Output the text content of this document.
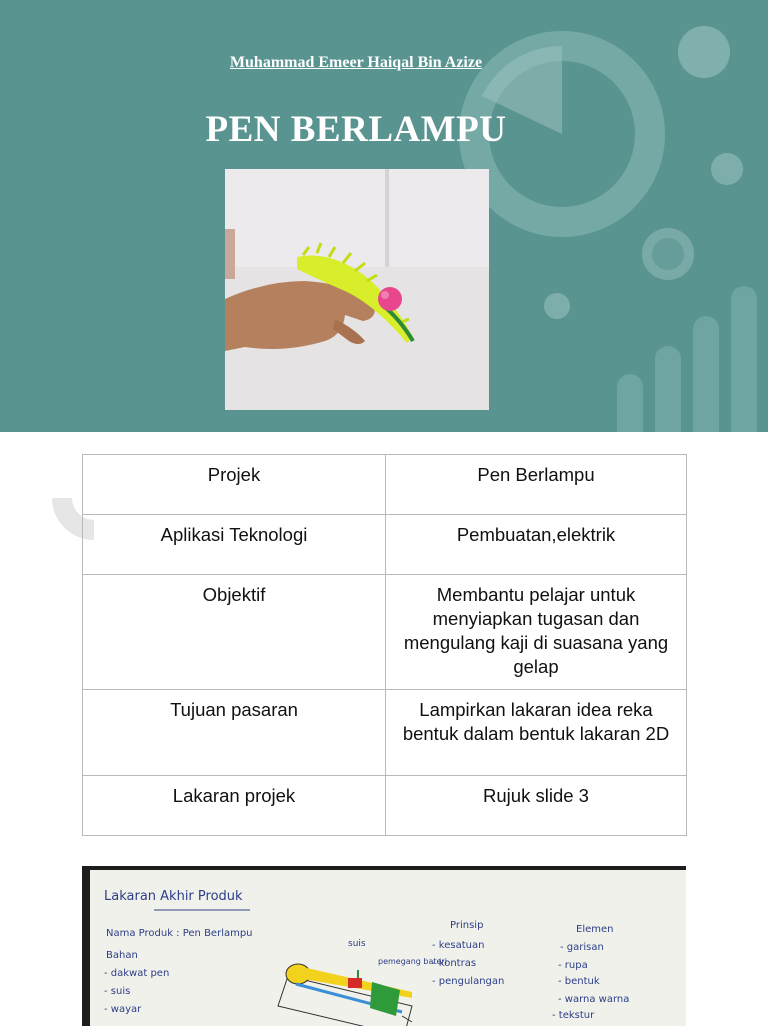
Muhammad Emeer Haiqal Bin Azize
PEN BERLAMPU
Projek	Pen Berlampu
Aplikasi Teknologi	Pembuatan,elektrik
Objektif	Membantu pelajar untuk menyiapkan tugasan dan mengulang kaji di suasana yang gelap
Tujuan pasaran	Lampirkan lakaran idea reka bentuk dalam bentuk lakaran 2D
Lakaran projek	Rujuk slide 3
Lakaran Akhir Produk
Nama Produk : Pen Berlampu
Bahan
- dakwat pen
- suis
- wayar
suis
pemegang bateri
Prinsip
- kesatuan
- kontras
- pengulangan
Elemen
- garisan
- rupa
- bentuk
- warna warna
- tekstur
